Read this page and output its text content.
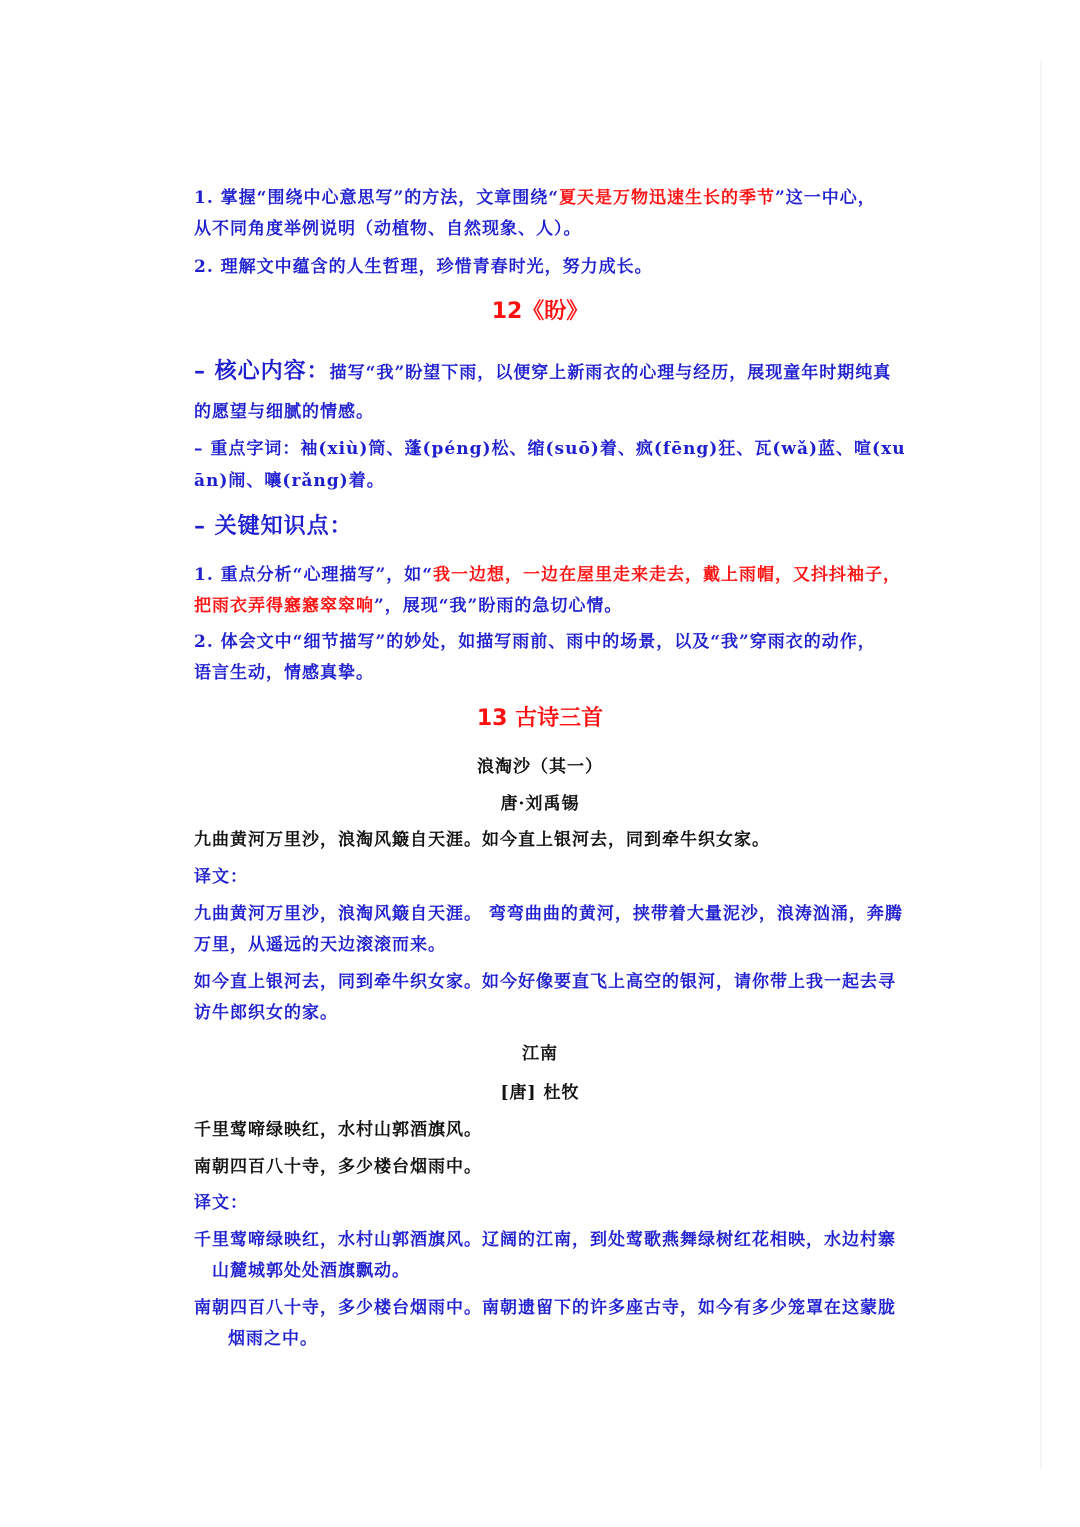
1. 掌握“围绕中心意思写”的方法，文章围绕“夏天是万物迅速生长的季节”这一中心，
从不同角度举例说明（动植物、自然现象、人）。
2. 理解文中蕴含的人生哲理，珍惜青春时光，努力成长。
12《盼》
– 核心内容：描写“我”盼望下雨，以便穿上新雨衣的心理与经历，展现童年时期纯真
的愿望与细腻的情感。
– 重点字词：袖(xiù)筒、蓬(péng)松、缩(suō)着、疯(fēng)狂、瓦(wǎ)蓝、喧(xu
ān)闹、嚷(rǎng)着。
– 关键知识点：
1. 重点分析“心理描写”，如“我一边想，一边在屋里走来走去，戴上雨帽，又抖抖袖子，
把雨衣弄得窸窸窣窣响”，展现“我”盼雨的急切心情。
2. 体会文中“细节描写”的妙处，如描写雨前、雨中的场景，以及“我”穿雨衣的动作，
语言生动，情感真挚。
13 古诗三首
浪淘沙（其一）
唐·刘禹锡
九曲黄河万里沙，浪淘风簸自天涯。如今直上银河去，同到牵牛织女家。
译文：
九曲黄河万里沙，浪淘风簸自天涯。 弯弯曲曲的黄河，挟带着大量泥沙，浪涛汹涌，奔腾
万里，从遥远的天边滚滚而来。
如今直上银河去，同到牵牛织女家。如今好像要直飞上高空的银河，请你带上我一起去寻
访牛郎织女的家。
江南
[唐] 杜牧
千里莺啼绿映红，水村山郭酒旗风。
南朝四百八十寺，多少楼台烟雨中。
译文：
千里莺啼绿映红，水村山郭酒旗风。辽阔的江南，到处莺歌燕舞绿树红花相映，水边村寨
山麓城郭处处酒旗飘动。
南朝四百八十寺，多少楼台烟雨中。南朝遗留下的许多座古寺，如今有多少笼罩在这蒙胧
烟雨之中。
